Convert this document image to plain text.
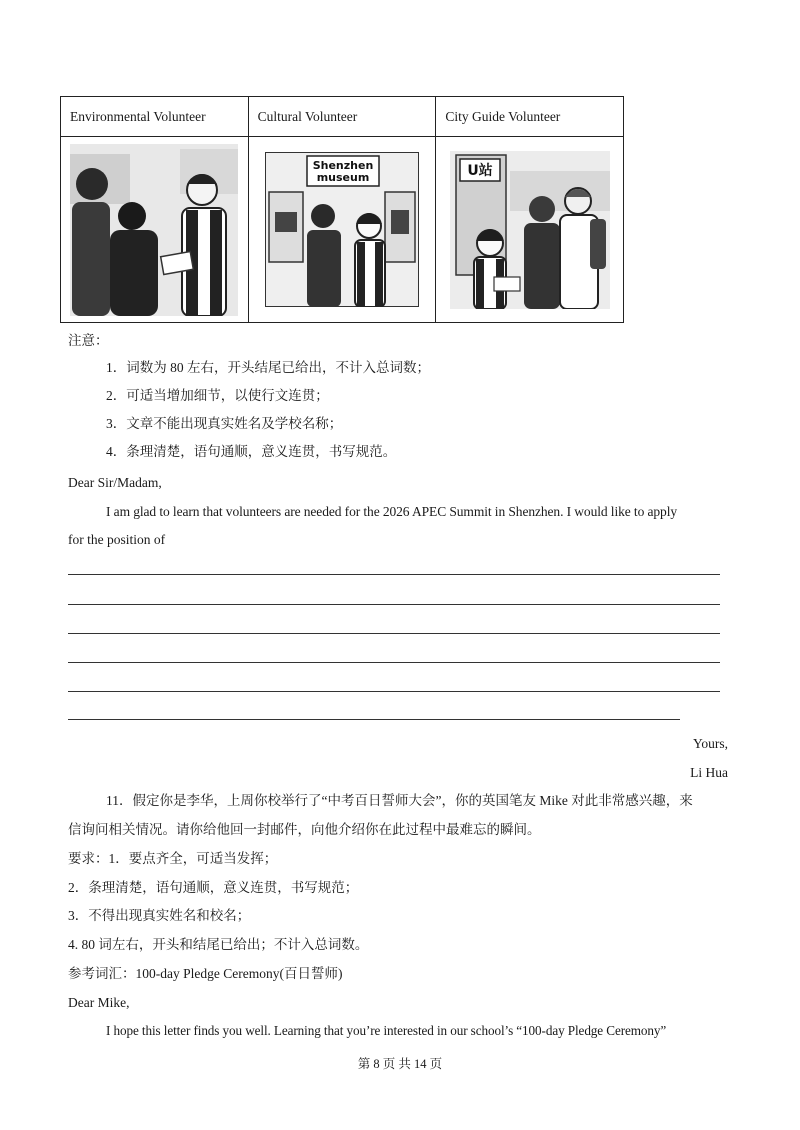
Environmental Volunteer	Cultural Volunteer	City Guide Volunteer

Shenzhen
museum	U站
注意：
1．词数为 80 左右，开头结尾已给出，不计入总词数；
2．可适当增加细节，以使行文连贯；
3．文章不能出现真实姓名及学校名称；
4．条理清楚，语句通顺，意义连贯，书写规范。
Dear Sir/Madam,
I am glad to learn that volunteers are needed for the 2026 APEC Summit in Shenzhen. I would like to apply
for the position of
Yours,
Li Hua
11．假定你是李华，上周你校举行了“中考百日誓师大会”，你的英国笔友 Mike 对此非常感兴趣，来
信询问相关情况。请你给他回一封邮件，向他介绍你在此过程中最难忘的瞬间。
要求：1．要点齐全，可适当发挥；
2．条理清楚，语句通顺，意义连贯，书写规范；
3．不得出现真实姓名和校名；
4. 80 词左右，开头和结尾已给出；不计入总词数。
参考词汇：100-day Pledge Ceremony(百日誓师)
Dear Mike,
I hope this letter finds you well. Learning that you’re interested in our school’s “100-day Pledge Ceremony”
第 8 页 共 14 页
